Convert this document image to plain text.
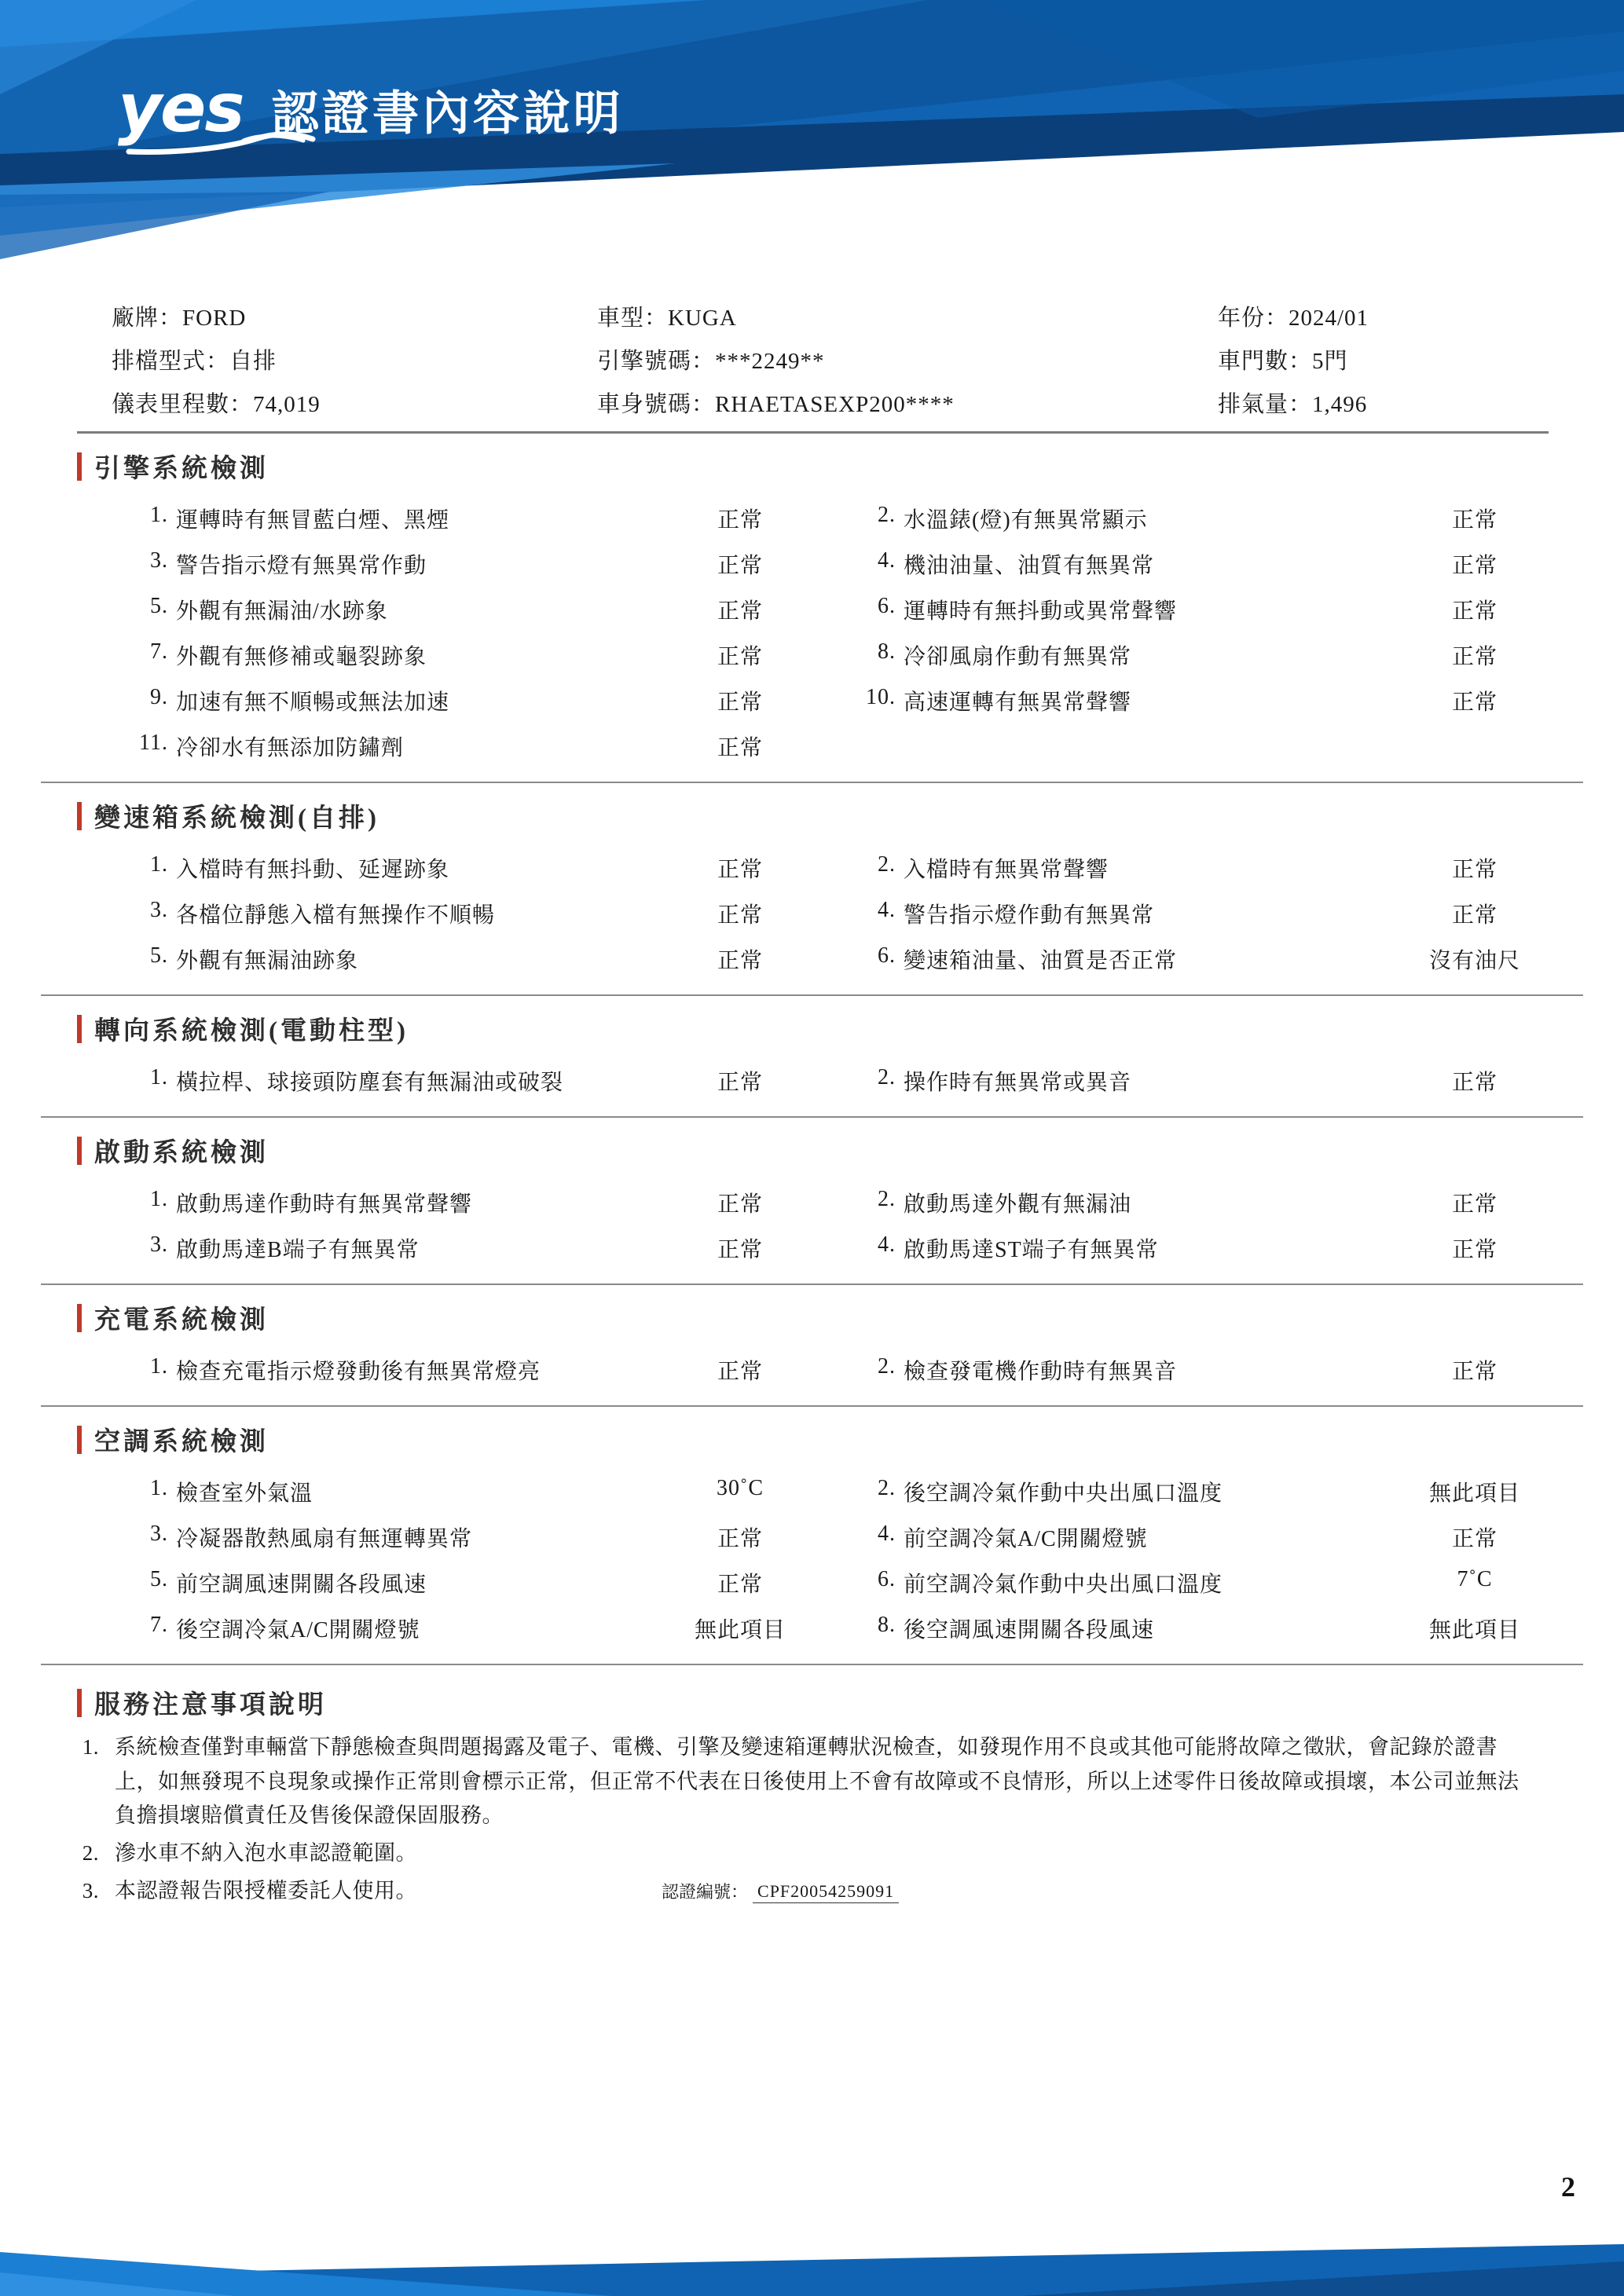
yes 認證書內容說明
廠牌：FORD	車型：KUGA	年份：2024/01
排檔型式：自排	引擎號碼：***2249**	車門數：5門
儀表里程數：74,019	車身號碼：RHAETASEXP200****	排氣量：1,496
引擎系統檢測
1. 運轉時有無冒藍白煙、黑煙	正常	2. 水溫錶(燈)有無異常顯示	正常
3. 警告指示燈有無異常作動	正常	4. 機油油量、油質有無異常	正常
5. 外觀有無漏油/水跡象	正常	6. 運轉時有無抖動或異常聲響	正常
7. 外觀有無修補或龜裂跡象	正常	8. 冷卻風扇作動有無異常	正常
9. 加速有無不順暢或無法加速	正常	10. 高速運轉有無異常聲響	正常
11. 冷卻水有無添加防鏽劑	正常
變速箱系統檢測(自排)
1. 入檔時有無抖動、延遲跡象	正常	2. 入檔時有無異常聲響	正常
3. 各檔位靜態入檔有無操作不順暢	正常	4. 警告指示燈作動有無異常	正常
5. 外觀有無漏油跡象	正常	6. 變速箱油量、油質是否正常	沒有油尺
轉向系統檢測(電動柱型)
1. 橫拉桿、球接頭防塵套有無漏油或破裂	正常	2. 操作時有無異常或異音	正常
啟動系統檢測
1. 啟動馬達作動時有無異常聲響	正常	2. 啟動馬達外觀有無漏油	正常
3. 啟動馬達B端子有無異常	正常	4. 啟動馬達ST端子有無異常	正常
充電系統檢測
1. 檢查充電指示燈發動後有無異常燈亮	正常	2. 檢查發電機作動時有無異音	正常
空調系統檢測
1. 檢查室外氣溫	30˚C	2. 後空調冷氣作動中央出風口溫度	無此項目
3. 冷凝器散熱風扇有無運轉異常	正常	4. 前空調冷氣A/C開關燈號	正常
5. 前空調風速開關各段風速	正常	6. 前空調冷氣作動中央出風口溫度	7˚C
7. 後空調冷氣A/C開關燈號	無此項目	8. 後空調風速開關各段風速	無此項目
服務注意事項說明
1. 系統檢查僅對車輛當下靜態檢查與問題揭露及電子、電機、引擎及變速箱運轉狀況檢查，如發現作用不良或其他可能將故障之徵狀，會記錄於證書上，如無發現不良現象或操作正常則會標示正常，但正常不代表在日後使用上不會有故障或不良情形，所以上述零件日後故障或損壞，本公司並無法負擔損壞賠償責任及售後保證保固服務。
2. 滲水車不納入泡水車認證範圍。
3. 本認證報告限授權委託人使用。	認證編號： CPF20054259091
2
